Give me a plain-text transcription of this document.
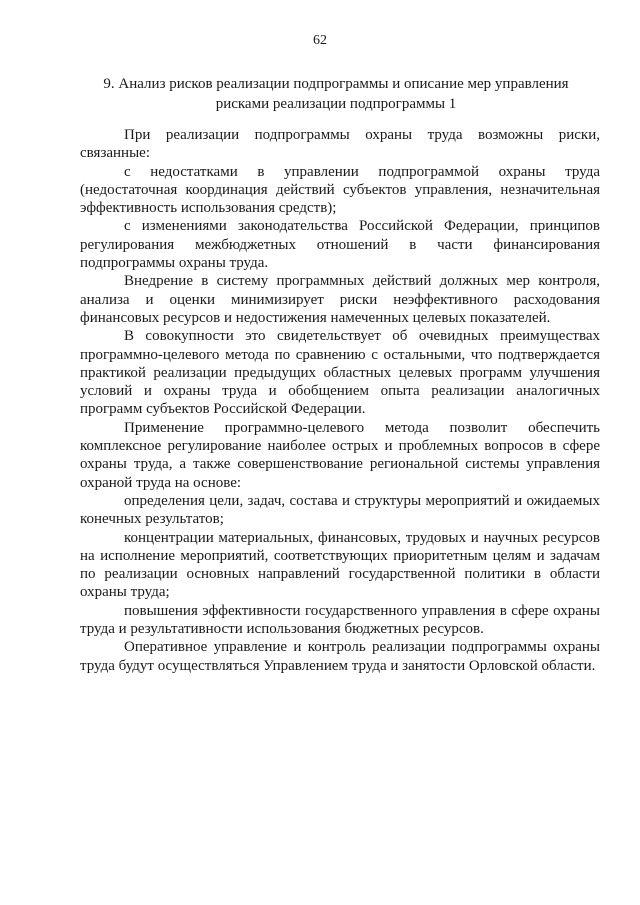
62
9. Анализ рисков реализации подпрограммы и описание мер управления
рисками реализации подпрограммы 1

При реализации подпрограммы охраны труда возможны риски, связанные:

с недостатками в управлении подпрограммой охраны труда (недостаточная координация действий субъектов управления, незначительная эффективность использования средств);

с изменениями законодательства Российской Федерации, принципов регулирования межбюджетных отношений в части финансирования подпрограммы охраны труда.

Внедрение в систему программных действий должных мер контроля, анализа и оценки минимизирует риски неэффективного расходования финансовых ресурсов и недостижения намеченных целевых показателей.

В совокупности это свидетельствует об очевидных преимуществах программно-целевого метода по сравнению с остальными, что подтверждается практикой реализации предыдущих областных целевых программ улучшения условий и охраны труда и обобщением опыта реализации аналогичных программ субъектов Российской Федерации.

Применение программно-целевого метода позволит обеспечить комплексное регулирование наиболее острых и проблемных вопросов в сфере охраны труда, а также совершенствование региональной системы управления охраной труда на основе:

определения цели, задач, состава и структуры мероприятий и ожидаемых конечных результатов;

концентрации материальных, финансовых, трудовых и научных ресурсов на исполнение мероприятий, соответствующих приоритетным целям и задачам по реализации основных направлений государственной политики в области охраны труда;

повышения эффективности государственного управления в сфере охраны труда и результативности использования бюджетных ресурсов.

Оперативное управление и контроль реализации подпрограммы охраны труда будут осуществляться Управлением труда и занятости Орловской области.
